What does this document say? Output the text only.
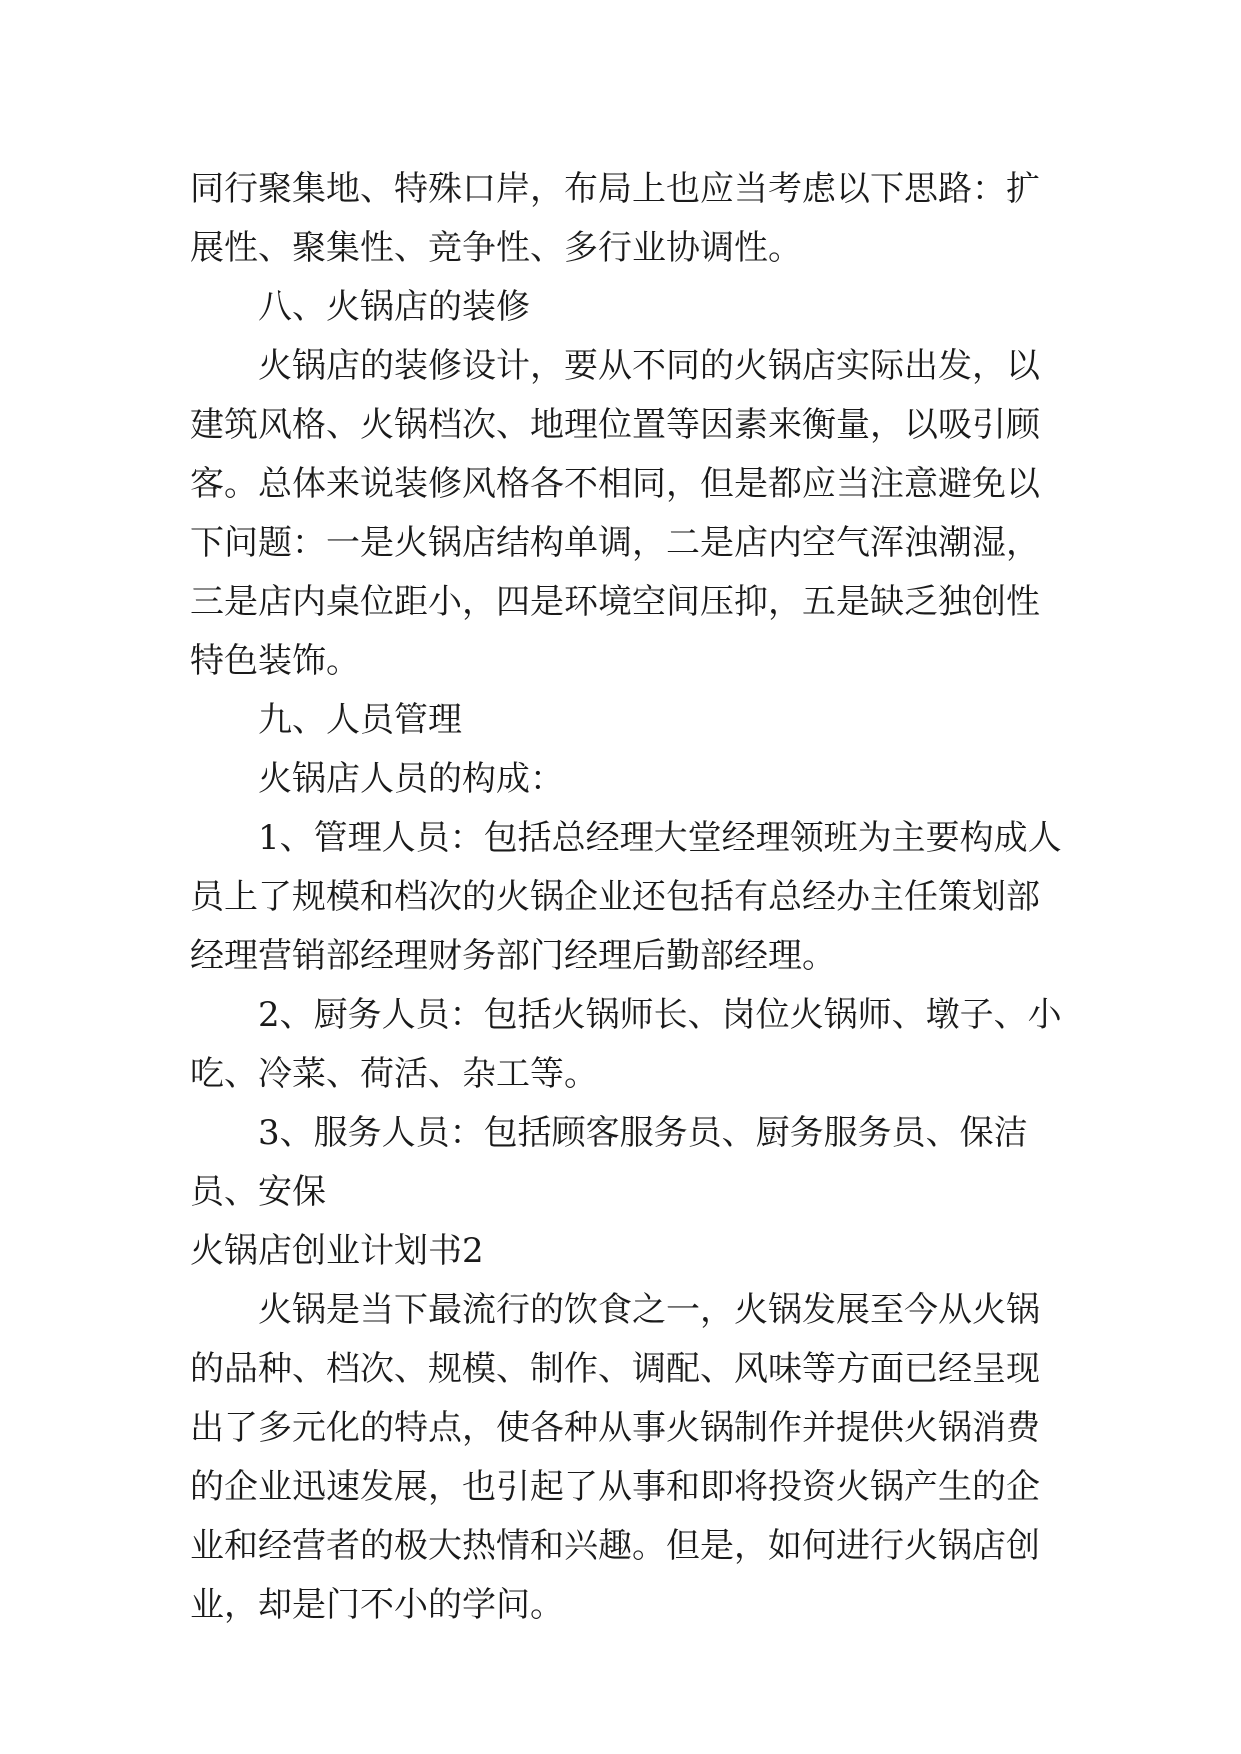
同行聚集地、特殊口岸，布局上也应当考虑以下思路：扩展性、聚集性、竞争性、多行业协调性。

八、火锅店的装修

火锅店的装修设计，要从不同的火锅店实际出发，以建筑风格、火锅档次、地理位置等因素来衡量，以吸引顾客。总体来说装修风格各不相同，但是都应当注意避免以下问题：一是火锅店结构单调，二是店内空气浑浊潮湿，三是店内桌位距小，四是环境空间压抑，五是缺乏独创性特色装饰。

九、人员管理

火锅店人员的构成：

1、管理人员：包括总经理大堂经理领班为主要构成人员上了规模和档次的火锅企业还包括有总经办主任策划部经理营销部经理财务部门经理后勤部经理。

2、厨务人员：包括火锅师长、岗位火锅师、墩子、小吃、冷菜、荷活、杂工等。

3、服务人员：包括顾客服务员、厨务服务员、保洁员、安保

火锅店创业计划书2

火锅是当下最流行的饮食之一，火锅发展至今从火锅的品种、档次、规模、制作、调配、风味等方面已经呈现出了多元化的特点，使各种从事火锅制作并提供火锅消费的企业迅速发展，也引起了从事和即将投资火锅产生的企业和经营者的极大热情和兴趣。但是，如何进行火锅店创业，却是门不小的学问。
